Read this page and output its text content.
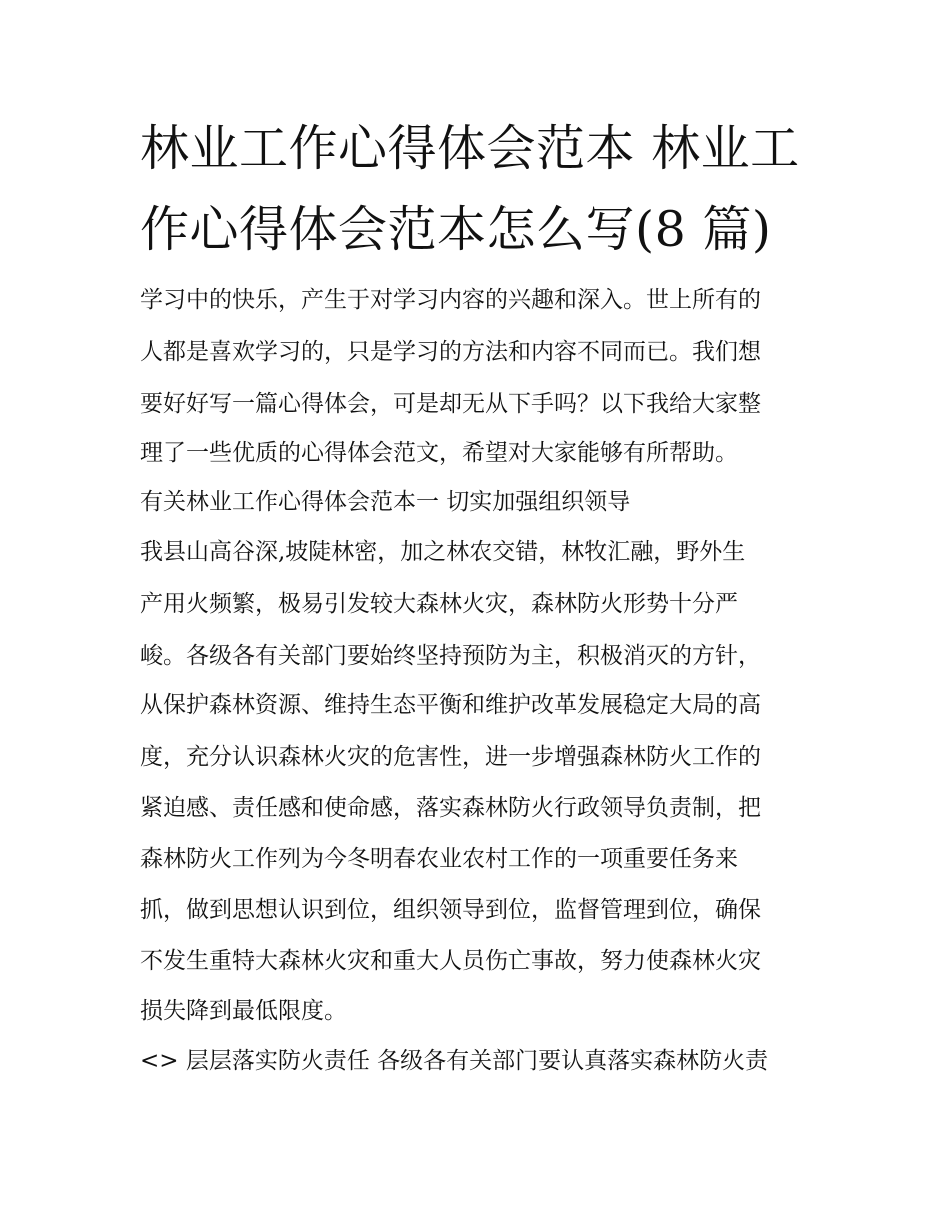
林业工作心得体会范本 林业工
作心得体会范本怎么写(8 篇)

学习中的快乐，产生于对学习内容的兴趣和深入。世上所有的

人都是喜欢学习的，只是学习的方法和内容不同而已。我们想

要好好写一篇心得体会，可是却无从下手吗？以下我给大家整

理了一些优质的心得体会范文，希望对大家能够有所帮助。

有关林业工作心得体会范本一 切实加强组织领导

我县山高谷深,坡陡林密，加之林农交错，林牧汇融，野外生

产用火频繁，极易引发较大森林火灾，森林防火形势十分严

峻。各级各有关部门要始终坚持预防为主，积极消灭的方针，

从保护森林资源、维持生态平衡和维护改革发展稳定大局的高

度，充分认识森林火灾的危害性，进一步增强森林防火工作的

紧迫感、责任感和使命感，落实森林防火行政领导负责制，把

森林防火工作列为今冬明春农业农村工作的一项重要任务来

抓，做到思想认识到位，组织领导到位，监督管理到位，确保

不发生重特大森林火灾和重大人员伤亡事故，努力使森林火灾

损失降到最低限度。

<> 层层落实防火责任 各级各有关部门要认真落实森林防火责
